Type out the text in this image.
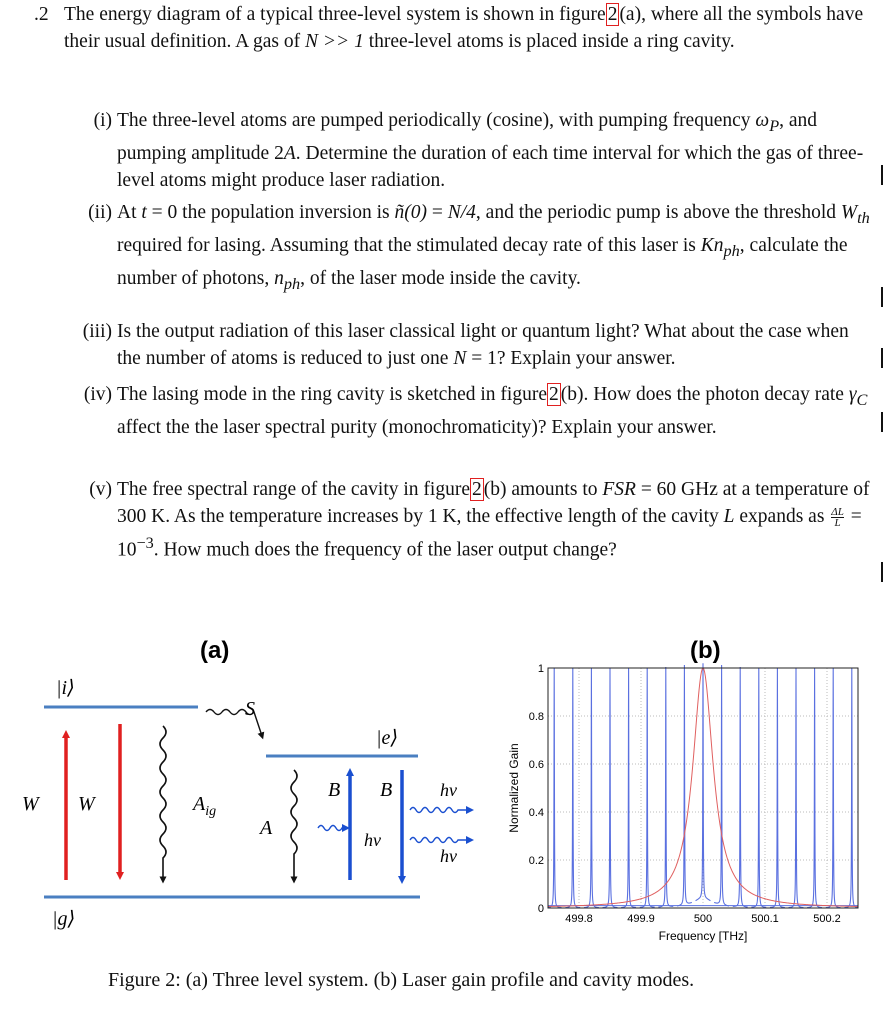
.2 The energy diagram of a typical three-level system is shown in figure 2 (a), where all the symbols have their usual definition. A gas of N >> 1 three-level atoms is placed inside a ring cavity.
(i) The three-level atoms are pumped periodically (cosine), with pumping frequency $\omega_P$, and pumping amplitude 2A. Determine the duration of each time interval for which the gas of three-level atoms might produce laser radiation.
(ii) At t = 0 the population inversion is ñ(0) = N/4, and the periodic pump is above the threshold $W_{th}$ required for lasing. Assuming that the stimulated decay rate of this laser is $Kn_{ph}$, calculate the number of photons, $n_{ph}$, of the laser mode inside the cavity.
(iii) Is the output radiation of this laser classical light or quantum light? What about the case when the number of atoms is reduced to just one N = 1? Explain your answer.
(iv) The lasing mode in the ring cavity is sketched in figure 2 (b). How does the photon decay rate $\gamma_C$ affect the the laser spectral purity (monochromaticity)? Explain your answer.
(v) The free spectral range of the cavity in figure 2 (b) amounts to FSR = 60 GHz at a temperature of 300 K. As the temperature increases by 1 K, the effective length of the cavity L expands as $\frac{\Delta L}{L} = 10^{-3}$. How much does the frequency of the laser output change?
(a)
|i⟩
|e⟩
|g⟩
W W	$A_{ig}$
S
A
B
hv
B	hv
hv
(b)
0
0.2
0.4
0.6
0.8
1
499.8	499.9	500	500.1	500.2
Frequency [THz]
Normalized Gain
Figure 2: (a) Three level system. (b) Laser gain profile and cavity modes.
